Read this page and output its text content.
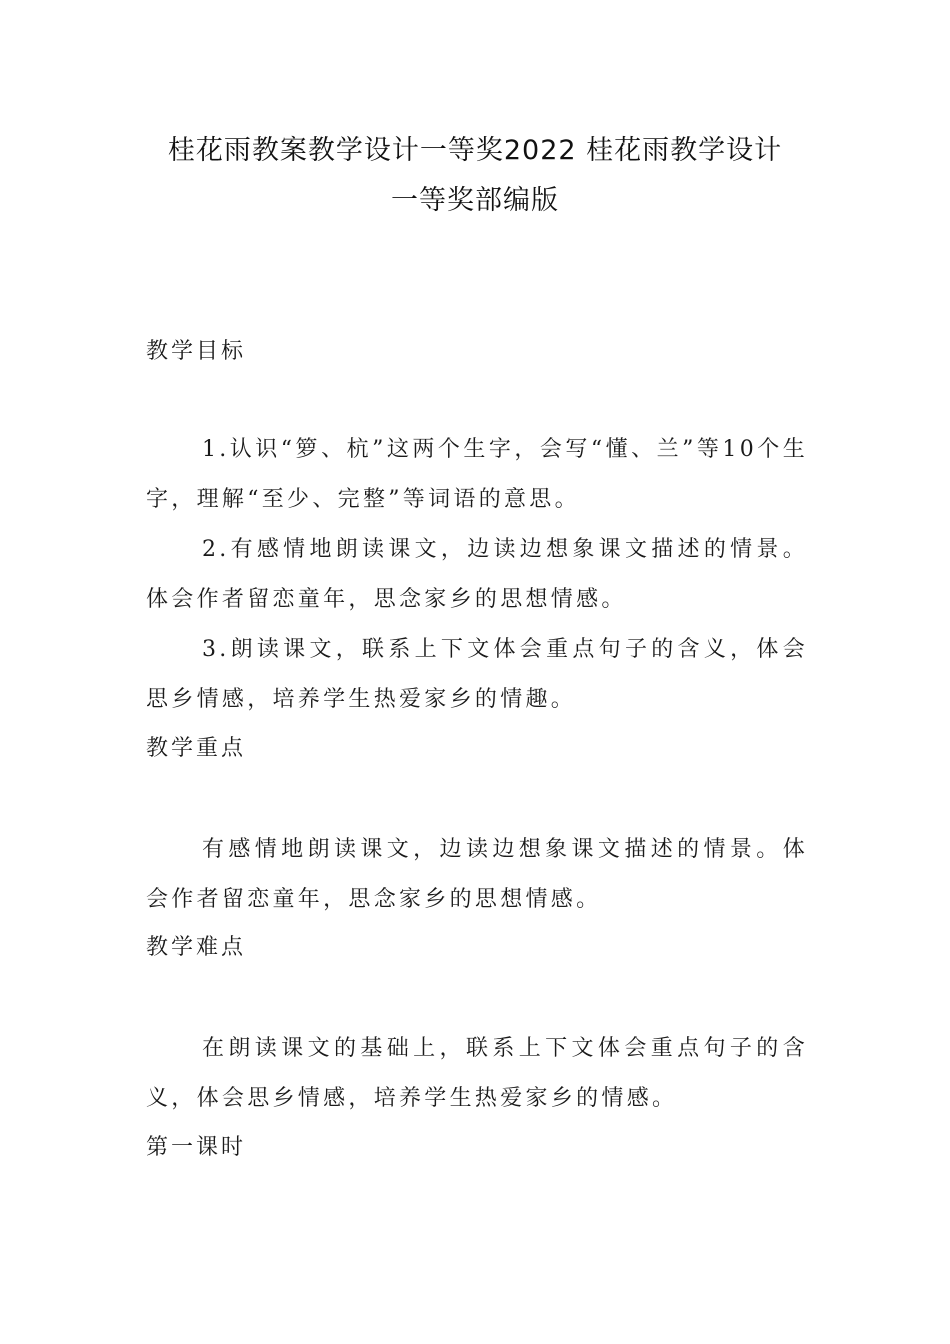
桂花雨教案教学设计一等奖2022 桂花雨教学设计
一等奖部编版
教学目标
1.认识“箩、杭”这两个生字，会写“懂、兰”等10个生字，理解“至少、完整”等词语的意思。
2.有感情地朗读课文，边读边想象课文描述的情景。体会作者留恋童年，思念家乡的思想情感。
3.朗读课文，联系上下文体会重点句子的含义，体会思乡情感，培养学生热爱家乡的情趣。
教学重点
有感情地朗读课文，边读边想象课文描述的情景。体会作者留恋童年，思念家乡的思想情感。
教学难点
在朗读课文的基础上，联系上下文体会重点句子的含义，体会思乡情感，培养学生热爱家乡的情感。
第一课时
